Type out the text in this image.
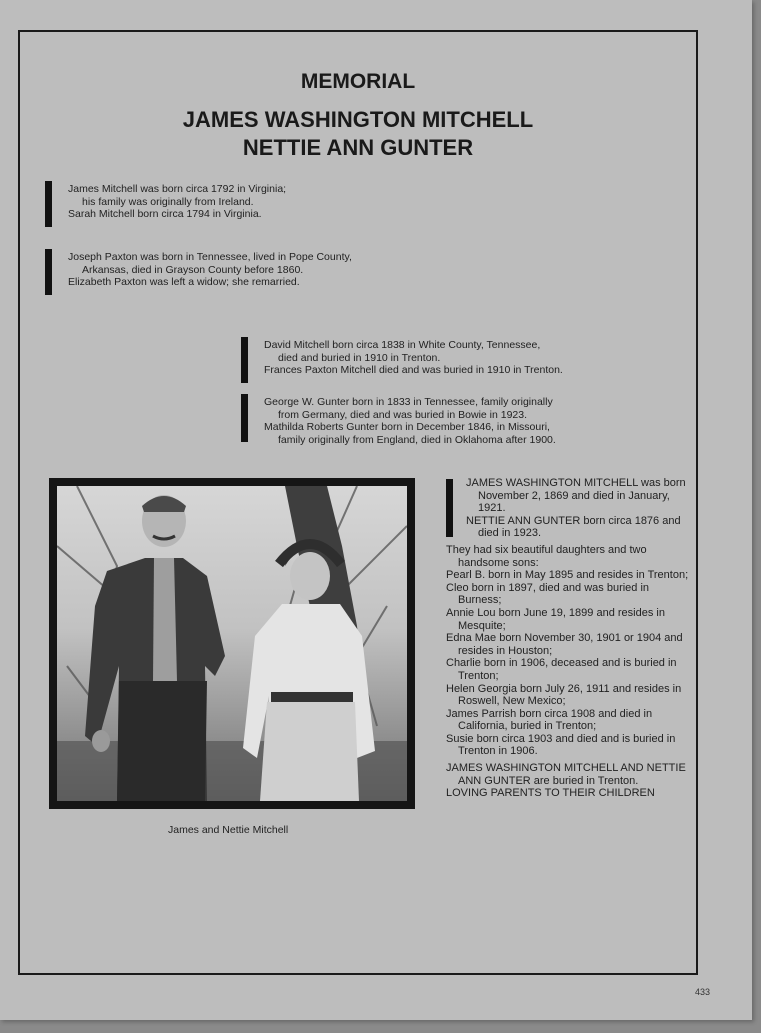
MEMORIAL
JAMES WASHINGTON MITCHELL
NETTIE ANN GUNTER

James Mitchell was born circa 1792 in Virginia;

his family was originally from Ireland.

Sarah Mitchell born circa 1794 in Virginia.

Joseph Paxton was born in Tennessee, lived in Pope County,

Arkansas, died in Grayson County before 1860.

Elizabeth Paxton was left a widow; she remarried.

David Mitchell born circa 1838 in White County, Tennessee,

died and buried in 1910 in Trenton.

Frances Paxton Mitchell died and was buried in 1910 in Trenton.

George W. Gunter born in 1833 in Tennessee, family originally

from Germany, died and was buried in Bowie in 1923.

Mathilda Roberts Gunter born in December 1846, in Missouri,

family originally from England, died in Oklahoma after 1900.

James and Nettie Mitchell

JAMES WASHINGTON MITCHELL was born November 2, 1869 and died in January, 1921.

NETTIE ANN GUNTER born circa 1876 and died in 1923.

They had six beautiful daughters and two handsome sons:

Pearl B. born in May 1895 and resides in Trenton;

Cleo born in 1897, died and was buried in Burness;

Annie Lou born June 19, 1899 and resides in Mesquite;

Edna Mae born November 30, 1901 or 1904 and resides in Houston;

Charlie born in 1906, deceased and is buried in Trenton;

Helen Georgia born July 26, 1911 and resides in Roswell, New Mexico;

James Parrish born circa 1908 and died in California, buried in Trenton;

Susie born circa 1903 and died and is buried in Trenton in 1906.

JAMES WASHINGTON MITCHELL AND NETTIE ANN GUNTER are buried in Trenton.

LOVING PARENTS TO THEIR CHILDREN

433
